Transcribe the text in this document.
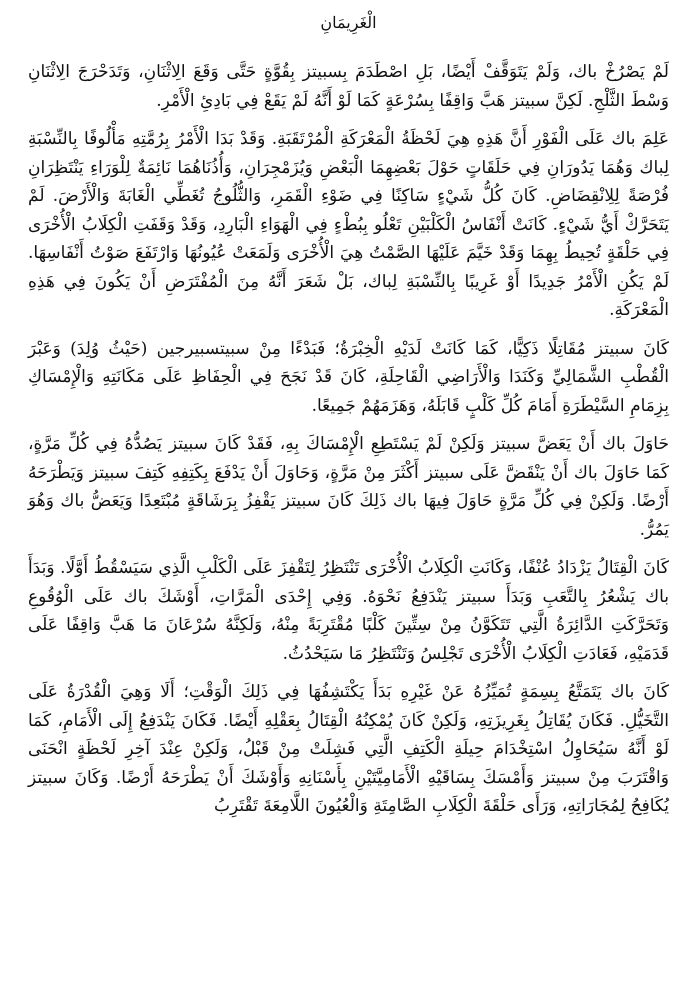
الْغَرِيمَانِ

لَمْ يَصْرُخْ باك، وَلَمْ يَتَوَقَّفْ أَيْضًا، بَلِ اصْطَدَمَ بِسبيتز بِقُوَّةٍ حَتَّى وَقَعَ الِاثْنَانِ، وَتَدَحْرَجَ الِاثْنَانِ وَسْطَ الثَّلْجِ. لَكِنَّ سبيتز هَبَّ وَاقِفًا بِسُرْعَةٍ كَمَا لَوْ أَنَّهُ لَمْ يَقَعْ فِي بَادِئِ الْأَمْرِ.

عَلِمَ باك عَلَى الْفَوْرِ أَنَّ هَذِهِ هِيَ لَحْظَةُ الْمَعْرَكَةِ الْمُرْتَقَبَةِ. وَقَدْ بَدَا الْأَمْرُ بِرُمَّتِهِ مَأْلُوفًا بِالنِّسْبَةِ لِباك وَهُمَا يَدُورَانِ فِي حَلَقَاتٍ حَوْلَ بَعْضِهِمَا الْبَعْضِ وَيُزَمْجِرَانِ، وَأُذُنَاهُمَا نَائِمَةٌ لِلْوَرَاءِ يَنْتَظِرَانِ فُرْصَةً لِلِانْقِضَاضِ. كَانَ كُلُّ شَيْءٍ سَاكِنًا فِي ضَوْءِ الْقَمَرِ، وَالثُّلُوجُ تُغَطِّي الْغَابَةَ وَالْأَرْضَ. لَمْ يَتَحَرَّكْ أَيُّ شَيْءٍ. كَانَتْ أَنْفَاسُ الْكَلْبَيْنِ تَعْلُو بِبُطْءٍ فِي الْهَوَاءِ الْبَارِدِ، وَقَدْ وَقَفَتِ الْكِلَابُ الْأُخْرَى فِي حَلْقَةٍ تُحِيطُ بِهِمَا وَقَدْ خَيَّمَ عَلَيْهَا الصَّمْتُ هِيَ الْأُخْرَى وَلَمَعَتْ عُيُونُهَا وَارْتَفَعَ صَوْتُ أَنْفَاسِهَا. لَمْ يَكُنِ الْأَمْرُ جَدِيدًا أَوْ غَرِيبًا بِالنِّسْبَةِ لِباك، بَلْ شَعَرَ أَنَّهُ مِنَ الْمُفْتَرَضِ أَنْ يَكُونَ فِي هَذِهِ الْمَعْرَكَةِ.

كَانَ سبيتز مُقَاتِلًا ذَكِيًّا، كَمَا كَانَتْ لَدَيْهِ الْخِبْرَةُ؛ فَبَدْءًا مِنْ سبيتسبيرجين (حَيْثُ وُلِدَ) وَعَبْرَ الْقُطْبِ الشَّمَالِيِّ وَكَنَدَا وَالْأَرَاضِي الْقَاحِلَةِ، كَانَ قَدْ نَجَحَ فِي الْحِفَاظِ عَلَى مَكَانَتِهِ وَالْإِمْسَاكِ بِزِمَامِ السَّيْطَرَةِ أَمَامَ كُلِّ كَلْبٍ قَابَلَهُ، وَهَزَمَهُمْ جَمِيعًا.

حَاوَلَ باك أَنْ يَعَضَّ سبيتز وَلَكِنْ لَمْ يَسْتَطِعِ الْإِمْسَاكَ بِهِ، فَقَدْ كَانَ سبيتز يَصُدُّهُ فِي كُلِّ مَرَّةٍ، كَمَا حَاوَلَ باك أَنْ يَنْقَضَّ عَلَى سبيتز أَكْثَرَ مِنْ مَرَّةٍ، وَحَاوَلَ أَنْ يَدْفَعَ بِكَتِفِهِ كَتِفَ سبيتز وَيَطْرَحَهُ أَرْضًا. وَلَكِنْ فِي كُلِّ مَرَّةٍ حَاوَلَ فِيهَا باك ذَلِكَ كَانَ سبيتز يَقْفِزُ بِرَشَاقَةٍ مُبْتَعِدًا وَيَعَضُّ باك وَهُوَ يَمُرُّ.

كَانَ الْقِتَالُ يَزْدَادُ عُنْفًا، وَكَانَتِ الْكِلَابُ الْأُخْرَى تَنْتَظِرُ لِتَقْفِزَ عَلَى الْكَلْبِ الَّذِي سَيَسْقُطُ أَوَّلًا. وَبَدَأَ باك يَشْعُرُ بِالتَّعَبِ وَبَدَأَ سبيتز يَنْدَفِعُ نَحْوَهُ. وَفِي إِحْدَى الْمَرَّاتِ، أَوْشَكَ باك عَلَى الْوُقُوعِ وَتَحَرَّكَتِ الدَّائِرَةُ الَّتِي تَتَكَوَّنُ مِنْ سِتِّينَ كَلْبًا مُقْتَرِبَةً مِنْهُ، وَلَكِنَّهُ سُرْعَانَ مَا هَبَّ وَاقِفًا عَلَى قَدَمَيْهِ، فَعَادَتِ الْكِلَابُ الْأُخْرَى تَجْلِسُ وَتَنْتَظِرُ مَا سَيَحْدُثُ.

كَانَ باك يَتَمَتَّعُ بِسِمَةٍ تُمَيِّزُهُ عَنْ غَيْرِهِ بَدَأَ يَكْتَشِفُهَا فِي ذَلِكَ الْوَقْتِ؛ أَلَا وَهِيَ الْقُدْرَةُ عَلَى التَّخَيُّلِ. فَكَانَ يُقَاتِلُ بِغَرِيزَتِهِ، وَلَكِنْ كَانَ يُمْكِنُهُ الْقِتَالُ بِعَقْلِهِ أَيْضًا. فَكَانَ يَنْدَفِعُ إِلَى الْأَمَامِ، كَمَا لَوْ أَنَّهُ سَيُحَاوِلُ اسْتِخْدَامَ حِيلَةِ الْكَتِفِ الَّتِي فَشِلَتْ مِنْ قَبْلُ، وَلَكِنْ عِنْدَ آخِرِ لَحْظَةٍ انْحَنَى وَاقْتَرَبَ مِنْ سبيتز وَأَمْسَكَ بِسَاقَيْهِ الْأَمَامِيَّتَيْنِ بِأَسْنَانِهِ وَأَوْشَكَ أَنْ يَطْرَحَهُ أَرْضًا. وَكَانَ سبيتز يُكَافِحُ لِمُجَارَاتِهِ، وَرَأَى حَلْقَةَ الْكِلَابِ الصَّامِتَةِ وَالْعُيُونَ اللَّامِعَةَ تَقْتَرِبُ
